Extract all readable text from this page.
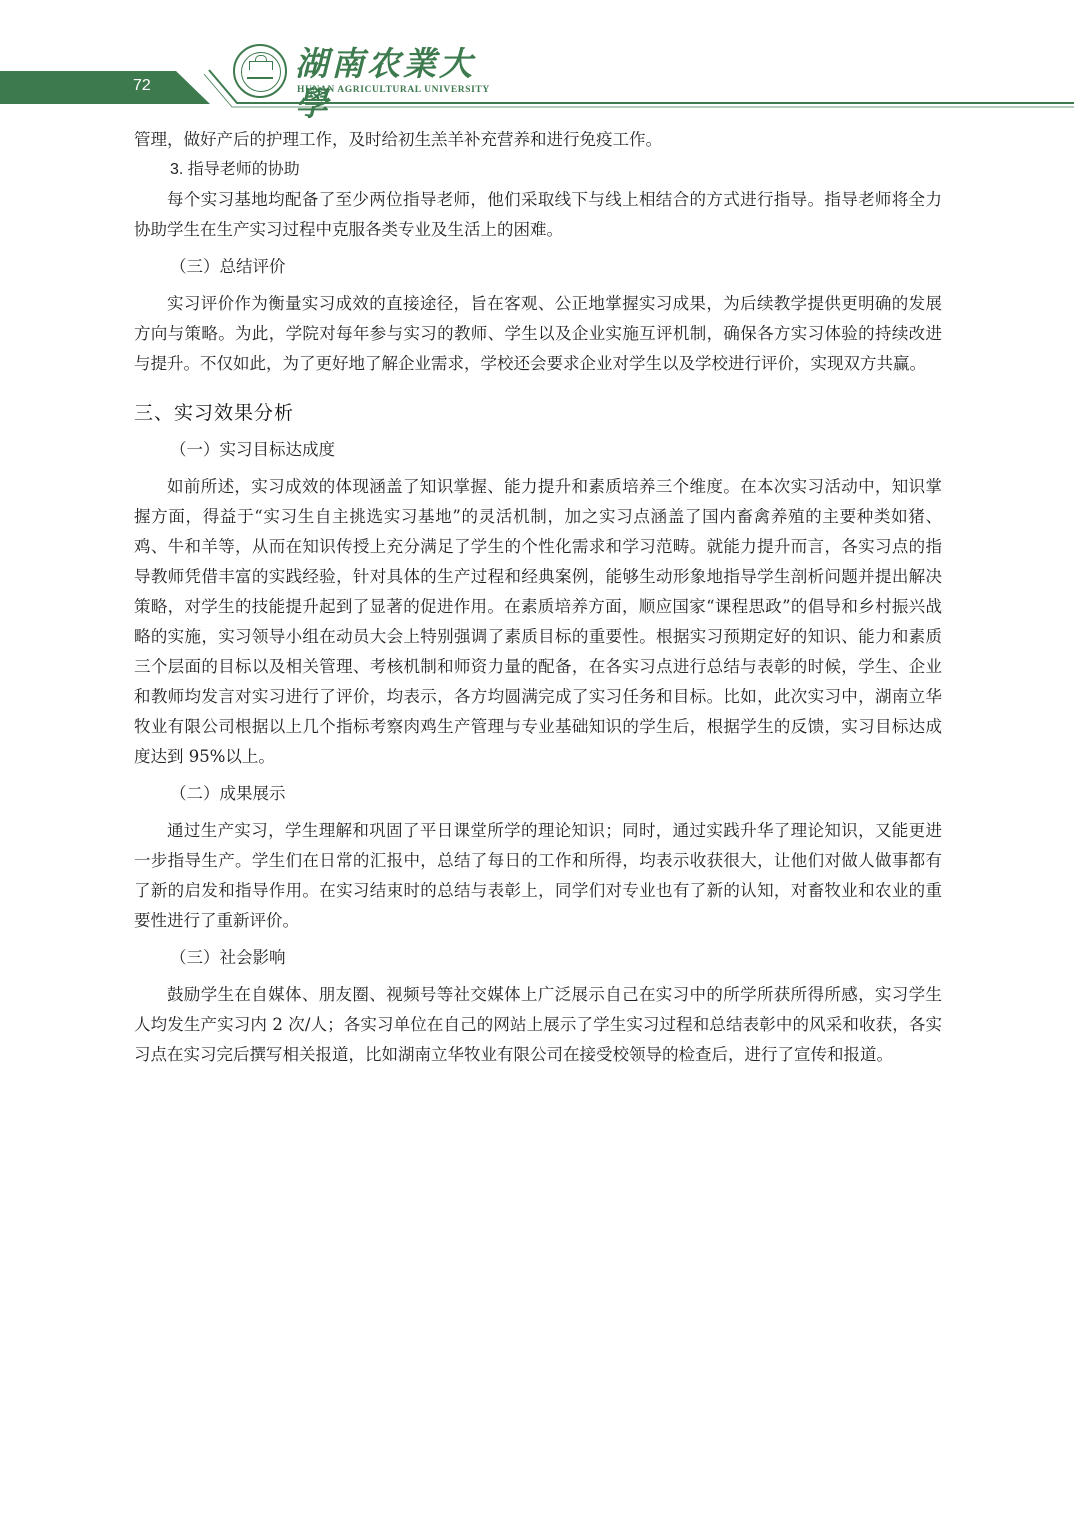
72
湖南农業大學
HUNAN AGRICULTURAL UNIVERSITY

管理，做好产后的护理工作，及时给初生羔羊补充营养和进行免疫工作。

3. 指导老师的协助

每个实习基地均配备了至少两位指导老师，他们采取线下与线上相结合的方式进行指导。指导老师将全力协助学生在生产实习过程中克服各类专业及生活上的困难。

（三）总结评价

实习评价作为衡量实习成效的直接途径，旨在客观、公正地掌握实习成果，为后续教学提供更明确的发展方向与策略。为此，学院对每年参与实习的教师、学生以及企业实施互评机制，确保各方实习体验的持续改进与提升。不仅如此，为了更好地了解企业需求，学校还会要求企业对学生以及学校进行评价，实现双方共赢。

三、实习效果分析
（一）实习目标达成度

如前所述，实习成效的体现涵盖了知识掌握、能力提升和素质培养三个维度。在本次实习活动中，知识掌握方面，得益于“实习生自主挑选实习基地”的灵活机制，加之实习点涵盖了国内畜禽养殖的主要种类如猪、鸡、牛和羊等，从而在知识传授上充分满足了学生的个性化需求和学习范畴。就能力提升而言，各实习点的指导教师凭借丰富的实践经验，针对具体的生产过程和经典案例，能够生动形象地指导学生剖析问题并提出解决策略，对学生的技能提升起到了显著的促进作用。在素质培养方面，顺应国家“课程思政”的倡导和乡村振兴战略的实施，实习领导小组在动员大会上特别强调了素质目标的重要性。根据实习预期定好的知识、能力和素质三个层面的目标以及相关管理、考核机制和师资力量的配备，在各实习点进行总结与表彰的时候，学生、企业和教师均发言对实习进行了评价，均表示，各方均圆满完成了实习任务和目标。比如，此次实习中，湖南立华牧业有限公司根据以上几个指标考察肉鸡生产管理与专业基础知识的学生后，根据学生的反馈，实习目标达成度达到 95%以上。

（二）成果展示

通过生产实习，学生理解和巩固了平日课堂所学的理论知识；同时，通过实践升华了理论知识，又能更进一步指导生产。学生们在日常的汇报中，总结了每日的工作和所得，均表示收获很大，让他们对做人做事都有了新的启发和指导作用。在实习结束时的总结与表彰上，同学们对专业也有了新的认知，对畜牧业和农业的重要性进行了重新评价。

（三）社会影响

鼓励学生在自媒体、朋友圈、视频号等社交媒体上广泛展示自己在实习中的所学所获所得所感，实习学生人均发生产实习内 2 次/人；各实习单位在自己的网站上展示了学生实习过程和总结表彰中的风采和收获，各实习点在实习完后撰写相关报道，比如湖南立华牧业有限公司在接受校领导的检查后，进行了宣传和报道。
